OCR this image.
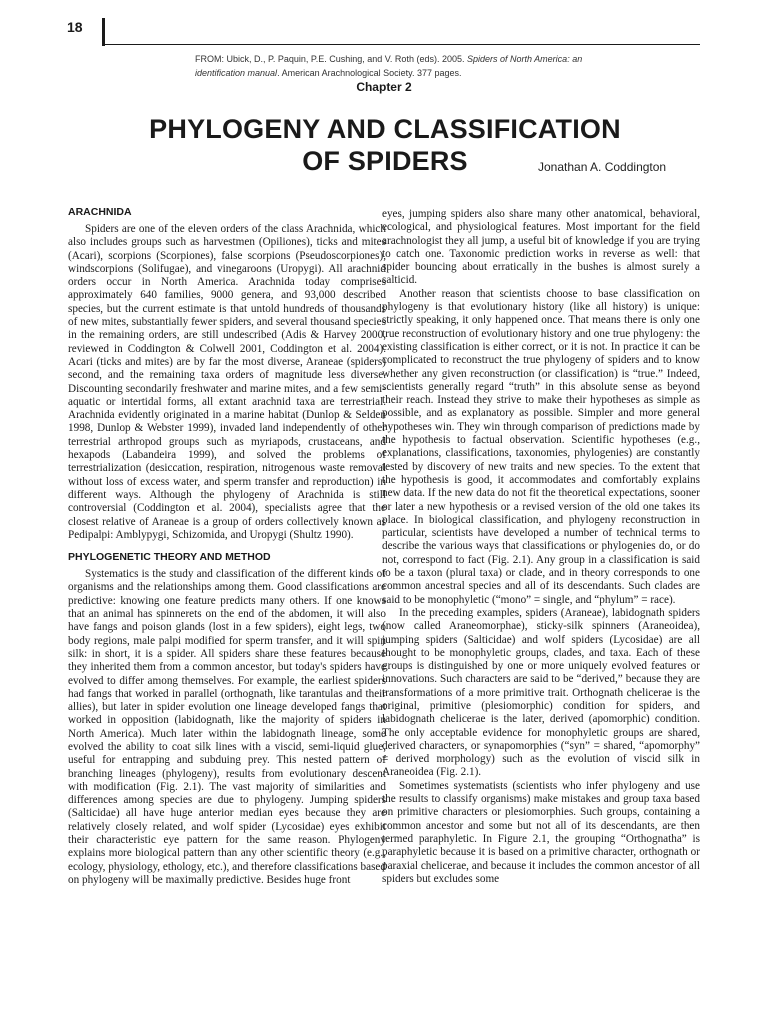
18
FROM: Ubick, D., P. Paquin, P.E. Cushing, and V. Roth (eds). 2005. Spiders of North America: an
identification manual. American Arachnological Society. 377 pages.
Chapter 2
PHYLOGENY AND CLASSIFICATION
OF SPIDERS	Jonathan A. Coddington
ARACHNIDA

Spiders are one of the eleven orders of the class Arachnida, which also includes groups such as harvestmen (Opiliones), ticks and mites (Acari), scorpions (Scorpiones), false scorpions (Pseudoscorpiones), windscorpions (Solifugae), and vinegaroons (Uropygi). All arachnid orders occur in North America. Arachnida today comprises approximately 640 families, 9000 genera, and 93,000 described species, but the current estimate is that untold hundreds of thousands of new mites, substantially fewer spiders, and several thousand species in the remaining orders, are still undescribed (Adis & Harvey 2000, reviewed in Coddington & Colwell 2001, Coddington et al. 2004). Acari (ticks and mites) are by far the most diverse, Araneae (spiders) second, and the remaining taxa orders of magnitude less diverse. Discounting secondarily freshwater and marine mites, and a few semi-aquatic or intertidal forms, all extant arachnid taxa are terrestrial. Arachnida evidently originated in a marine habitat (Dunlop & Selden 1998, Dunlop & Webster 1999), invaded land independently of other terrestrial arthropod groups such as myriapods, crustaceans, and hexapods (Labandeira 1999), and solved the problems of terrestrialization (desiccation, respiration, nitrogenous waste removal without loss of excess water, and sperm transfer and reproduction) in different ways. Although the phylogeny of Arachnida is still controversial (Coddington et al. 2004), specialists agree that the closest relative of Araneae is a group of orders collectively known as Pedipalpi: Amblypygi, Schizomida, and Uropygi (Shultz 1990).

PHYLOGENETIC THEORY AND METHOD

Systematics is the study and classification of the different kinds of organisms and the relationships among them. Good classifications are predictive: knowing one feature predicts many others. If one knows that an animal has spinnerets on the end of the abdomen, it will also have fangs and poison glands (lost in a few spiders), eight legs, two body regions, male palpi modified for sperm transfer, and it will spin silk: in short, it is a spider. All spiders share these features because they inherited them from a common ancestor, but today's spiders have evolved to differ among themselves. For example, the earliest spiders had fangs that worked in parallel (orthognath, like tarantulas and their allies), but later in spider evolution one lineage developed fangs that worked in opposition (labidognath, like the majority of spiders in North America). Much later within the labidognath lineage, some evolved the ability to coat silk lines with a viscid, semi-liquid glue, useful for entrapping and subduing prey. This nested pattern of branching lineages (phylogeny), results from evolutionary descent with modification (Fig. 2.1). The vast majority of similarities and differences among species are due to phylogeny. Jumping spiders (Salticidae) all have huge anterior median eyes because they are relatively closely related, and wolf spider (Lycosidae) eyes exhibit their characteristic eye pattern for the same reason. Phylogeny explains more biological pattern than any other scientific theory (e.g., ecology, physiology, ethology, etc.), and therefore classifications based on phylogeny will be maximally predictive. Besides huge front

eyes, jumping spiders also share many other anatomical, behavioral, ecological, and physiological features. Most important for the field arachnologist they all jump, a useful bit of knowledge if you are trying to catch one. Taxonomic prediction works in reverse as well: that spider bouncing about erratically in the bushes is almost surely a salticid.

Another reason that scientists choose to base classification on phylogeny is that evolutionary history (like all history) is unique: strictly speaking, it only happened once. That means there is only one true reconstruction of evolutionary history and one true phylogeny: the existing classification is either correct, or it is not. In practice it can be complicated to reconstruct the true phylogeny of spiders and to know whether any given reconstruction (or classification) is “true.” Indeed, scientists generally regard “truth” in this absolute sense as beyond their reach. Instead they strive to make their hypotheses as simple as possible, and as explanatory as possible. Simpler and more general hypotheses win. They win through comparison of predictions made by the hypothesis to factual observation. Scientific hypotheses (e.g., explanations, classifications, taxonomies, phylogenies) are constantly tested by discovery of new traits and new species. To the extent that the hypothesis is good, it accommodates and comfortably explains new data. If the new data do not fit the theoretical expectations, sooner or later a new hypothesis or a revised version of the old one takes its place. In biological classification, and phylogeny reconstruction in particular, scientists have developed a number of technical terms to describe the various ways that classifications or phylogenies do, or do not, correspond to fact (Fig. 2.1). Any group in a classification is said to be a taxon (plural taxa) or clade, and in theory corresponds to one common ancestral species and all of its descendants. Such clades are said to be monophyletic (“mono” = single, and “phylum” = race).

In the preceding examples, spiders (Araneae), labidognath spiders (now called Araneomorphae), sticky-silk spinners (Araneoidea), jumping spiders (Salticidae) and wolf spiders (Lycosidae) are all thought to be monophyletic groups, clades, and taxa. Each of these groups is distinguished by one or more uniquely evolved features or innovations. Such characters are said to be “derived,” because they are transformations of a more primitive trait. Orthognath chelicerae is the original, primitive (plesiomorphic) condition for spiders, and labidognath chelicerae is the later, derived (apomorphic) condition. The only acceptable evidence for monophyletic groups are shared, derived characters, or synapomorphies (“syn” = shared, “apomorphy” = derived morphology) such as the evolution of viscid silk in Araneoidea (Fig. 2.1).

Sometimes systematists (scientists who infer phylogeny and use the results to classify organisms) make mistakes and group taxa based on primitive characters or plesiomorphies. Such groups, containing a common ancestor and some but not all of its descendants, are then termed paraphyletic. In Figure 2.1, the grouping “Orthognatha” is paraphyletic because it is based on a primitive character, orthognath or paraxial chelicerae, and because it includes the common ancestor of all spiders but excludes some
